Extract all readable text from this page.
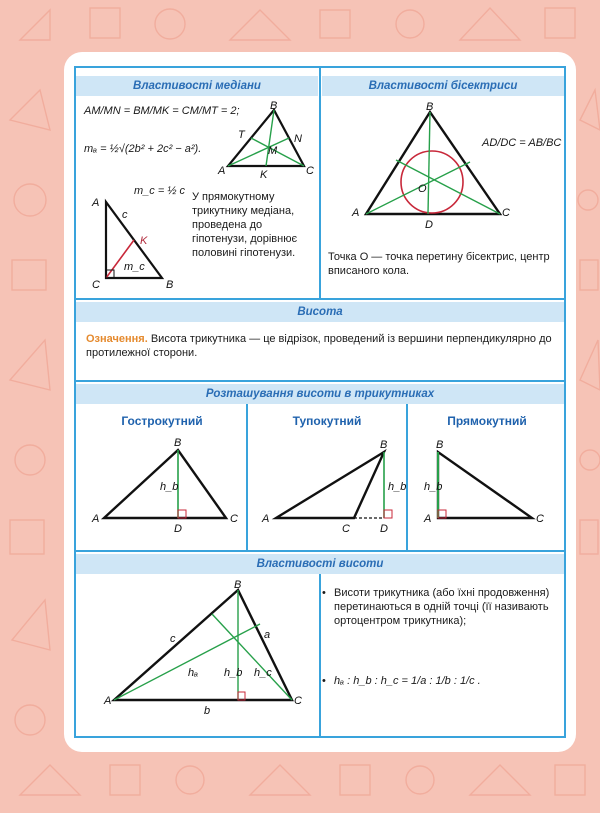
Властивості медіани	Властивості бісектриси
AM/MN = BM/MK = CM/MT = 2;
mₐ = ½√(2b² + 2c² − a²).
m_c = ½ c У прямокутному трикутнику медіана, проведена до гіпотенузи, дорівнює половині гіпотенузи.
B
T	N
M
A	K	C
A
c
K
m_c
C	B
B
O
A
D
C
AD/DC = AB/BC
Точка O — точка перетину бісектрис, центр вписаного кола.
Висота
Означення. Висота трикутника — це відрізок, проведений із вершини перпендикулярно до протилежної сторони.
Розташування висоти в трикутниках
Гострокутний	Тупокутний	Прямокутний
B
h_b
A
D
C
B
h_b
A
C	D
B
h_b
A	C
Властивості висоти
B
A	C
a
b
c
hₐ h_b h_c
• Висоти трикутника (або їхні продовження) перетинаються в одній точці (її називають ортоцентром трикутника);
• hₐ : h_b : h_c = 1/a : 1/b : 1/c .
